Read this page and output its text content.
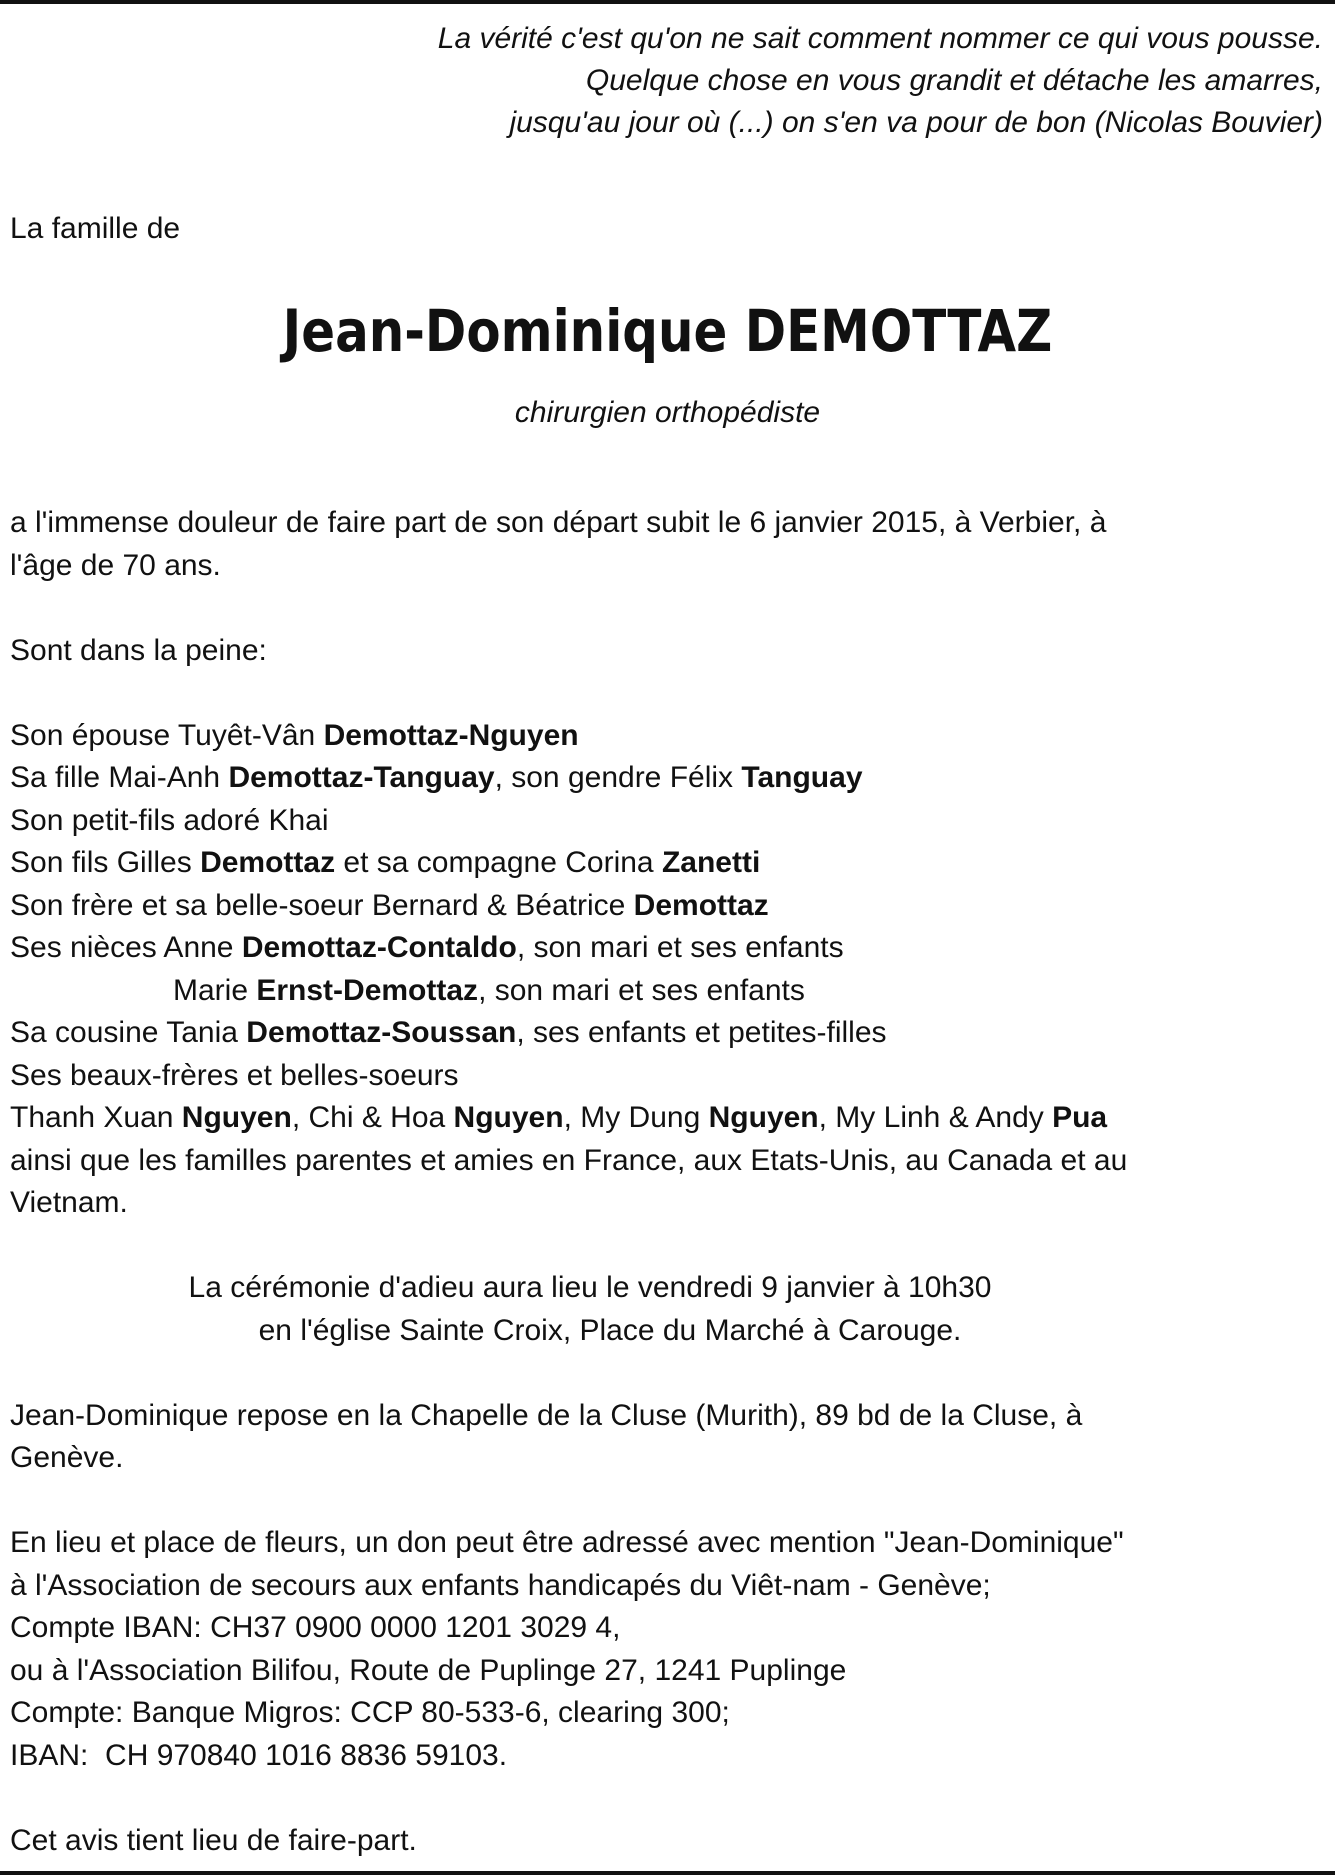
La vérité c'est qu'on ne sait comment nommer ce qui vous pousse.
Quelque chose en vous grandit et détache les amarres,
jusqu'au jour où (...) on s'en va pour de bon (Nicolas Bouvier)
La famille de
Jean-Dominique DEMOTTAZ
chirurgien orthopédiste

a l'immense douleur de faire part de son départ subit le 6 janvier 2015, à Verbier, à

l'âge de 70 ans.

Sont dans la peine:

Son épouse Tuyêt-Vân Demottaz-Nguyen

Sa fille Mai-Anh Demottaz-Tanguay, son gendre Félix Tanguay

Son petit-fils adoré Khai

Son fils Gilles Demottaz et sa compagne Corina Zanetti

Son frère et sa belle-soeur Bernard & Béatrice Demottaz

Ses nièces Anne Demottaz-Contaldo, son mari et ses enfants

Marie Ernst-Demottaz, son mari et ses enfants

Sa cousine Tania Demottaz-Soussan, ses enfants et petites-filles

Ses beaux-frères et belles-soeurs

Thanh Xuan Nguyen, Chi & Hoa Nguyen, My Dung Nguyen, My Linh & Andy Pua

ainsi que les familles parentes et amies en France, aux Etats-Unis, au Canada et au

Vietnam.

La cérémonie d'adieu aura lieu le vendredi 9 janvier à 10h30

en l'église Sainte Croix, Place du Marché à Carouge.

Jean-Dominique repose en la Chapelle de la Cluse (Murith), 89 bd de la Cluse, à

Genève.

En lieu et place de fleurs, un don peut être adressé avec mention "Jean-Dominique"

à l'Association de secours aux enfants handicapés du Viêt-nam - Genève;

Compte IBAN: CH37 0900 0000 1201 3029 4,

ou à l'Association Bilifou, Route de Puplinge 27, 1241 Puplinge

Compte: Banque Migros: CCP 80-533-6, clearing 300;

IBAN:  CH 970840 1016 8836 59103.

Cet avis tient lieu de faire-part.
